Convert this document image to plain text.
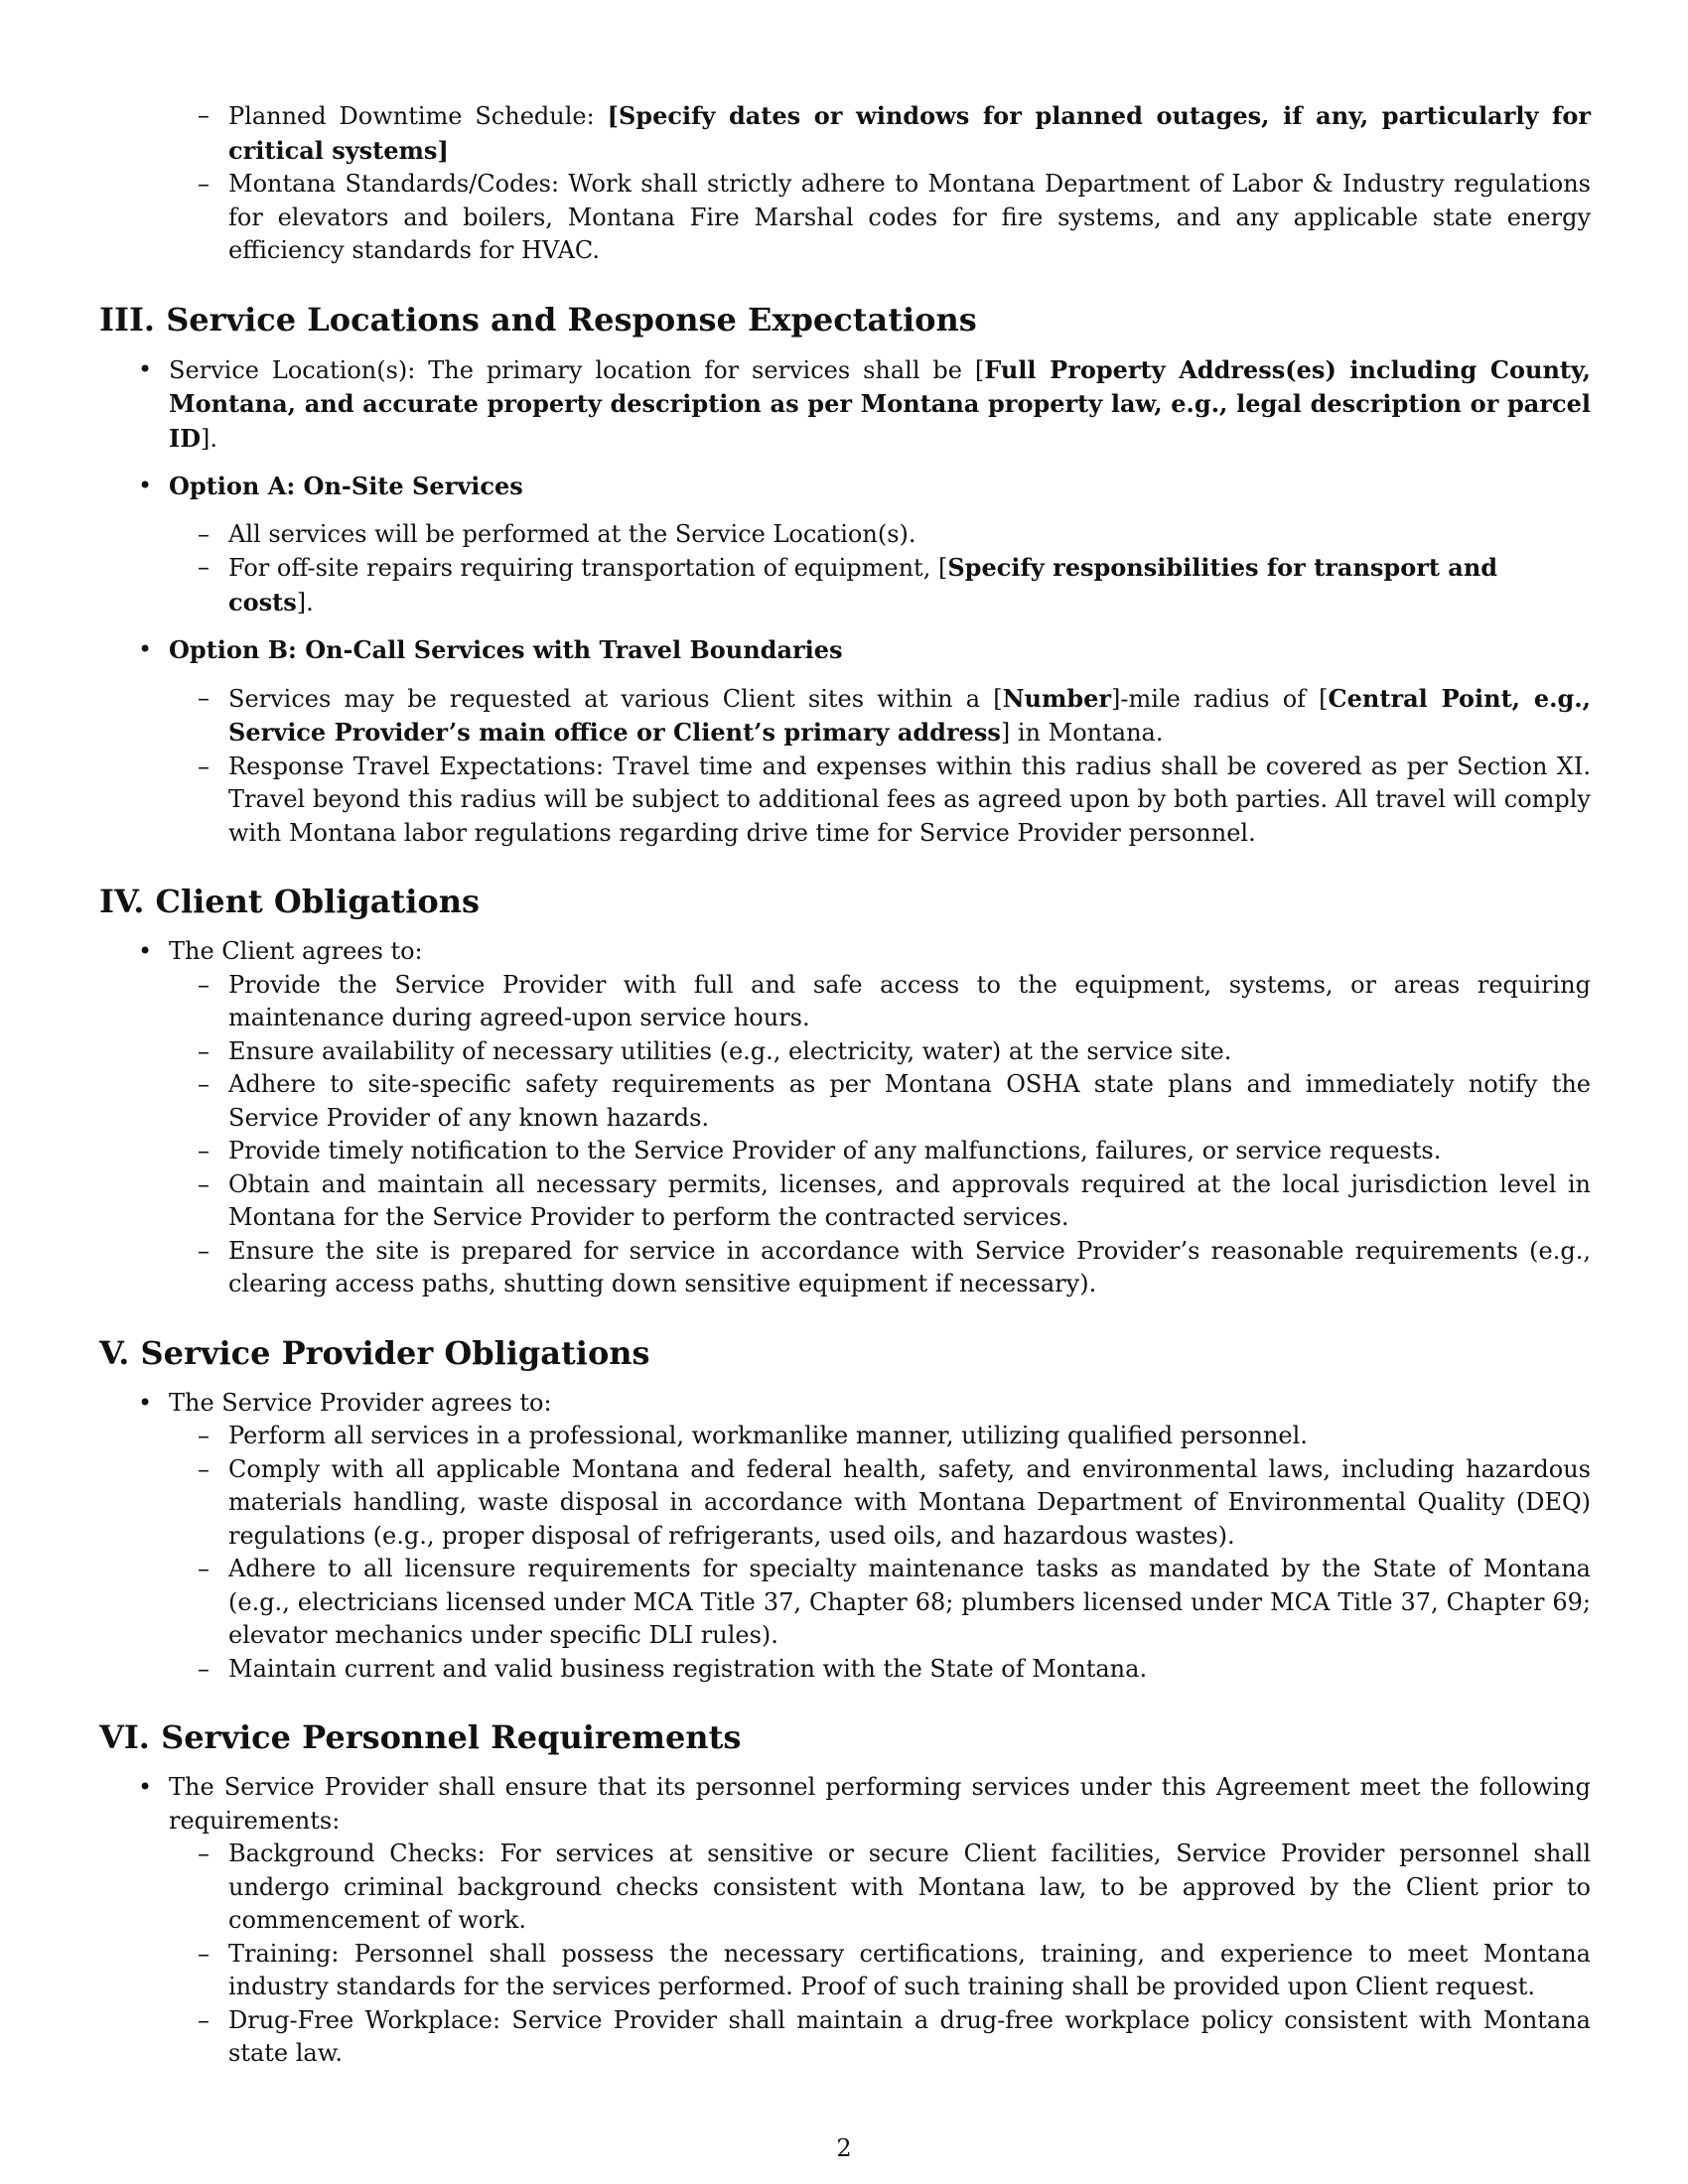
– Planned Downtime Schedule: [Specify dates or windows for planned outages, if any, particularly for critical systems]
– Montana Standards/Codes: Work shall strictly adhere to Montana Department of Labor & Industry regulations for elevators and boilers, Montana Fire Marshal codes for fire systems, and any applicable state energy efficiency standards for HVAC.
III. Service Locations and Response Expectations
• Service Location(s): The primary location for services shall be [Full Property Address(es) including County, Montana, and accurate property description as per Montana property law, e.g., legal description or parcel ID].
• Option A: On-Site Services
– All services will be performed at the Service Location(s).
– For off-site repairs requiring transportation of equipment, [Specify responsibilities for transport and costs].
• Option B: On-Call Services with Travel Boundaries
– Services may be requested at various Client sites within a [Number]-mile radius of [Central Point, e.g., Service Provider’s main office or Client’s primary address] in Montana.
– Response Travel Expectations: Travel time and expenses within this radius shall be covered as per Section XI. Travel beyond this radius will be subject to additional fees as agreed upon by both parties. All travel will comply with Montana labor regulations regarding drive time for Service Provider personnel.
IV. Client Obligations
• The Client agrees to:
– Provide the Service Provider with full and safe access to the equipment, systems, or areas requiring maintenance during agreed-upon service hours.
– Ensure availability of necessary utilities (e.g., electricity, water) at the service site.
– Adhere to site-specific safety requirements as per Montana OSHA state plans and immediately notify the Service Provider of any known hazards.
– Provide timely notification to the Service Provider of any malfunctions, failures, or service requests.
– Obtain and maintain all necessary permits, licenses, and approvals required at the local jurisdiction level in Montana for the Service Provider to perform the contracted services.
– Ensure the site is prepared for service in accordance with Service Provider’s reasonable requirements (e.g., clearing access paths, shutting down sensitive equipment if necessary).
V. Service Provider Obligations
• The Service Provider agrees to:
– Perform all services in a professional, workmanlike manner, utilizing qualified personnel.
– Comply with all applicable Montana and federal health, safety, and environmental laws, including hazardous materials handling, waste disposal in accordance with Montana Department of Environmental Quality (DEQ) regulations (e.g., proper disposal of refrigerants, used oils, and hazardous wastes).
– Adhere to all licensure requirements for specialty maintenance tasks as mandated by the State of Montana (e.g., electricians licensed under MCA Title 37, Chapter 68; plumbers licensed under MCA Title 37, Chapter 69; elevator mechanics under specific DLI rules).
– Maintain current and valid business registration with the State of Montana.
VI. Service Personnel Requirements
• The Service Provider shall ensure that its personnel performing services under this Agreement meet the following requirements:
– Background Checks: For services at sensitive or secure Client facilities, Service Provider personnel shall undergo criminal background checks consistent with Montana law, to be approved by the Client prior to commencement of work.
– Training: Personnel shall possess the necessary certifications, training, and experience to meet Montana industry standards for the services performed. Proof of such training shall be provided upon Client request.
– Drug-Free Workplace: Service Provider shall maintain a drug-free workplace policy consistent with Montana state law.
2
